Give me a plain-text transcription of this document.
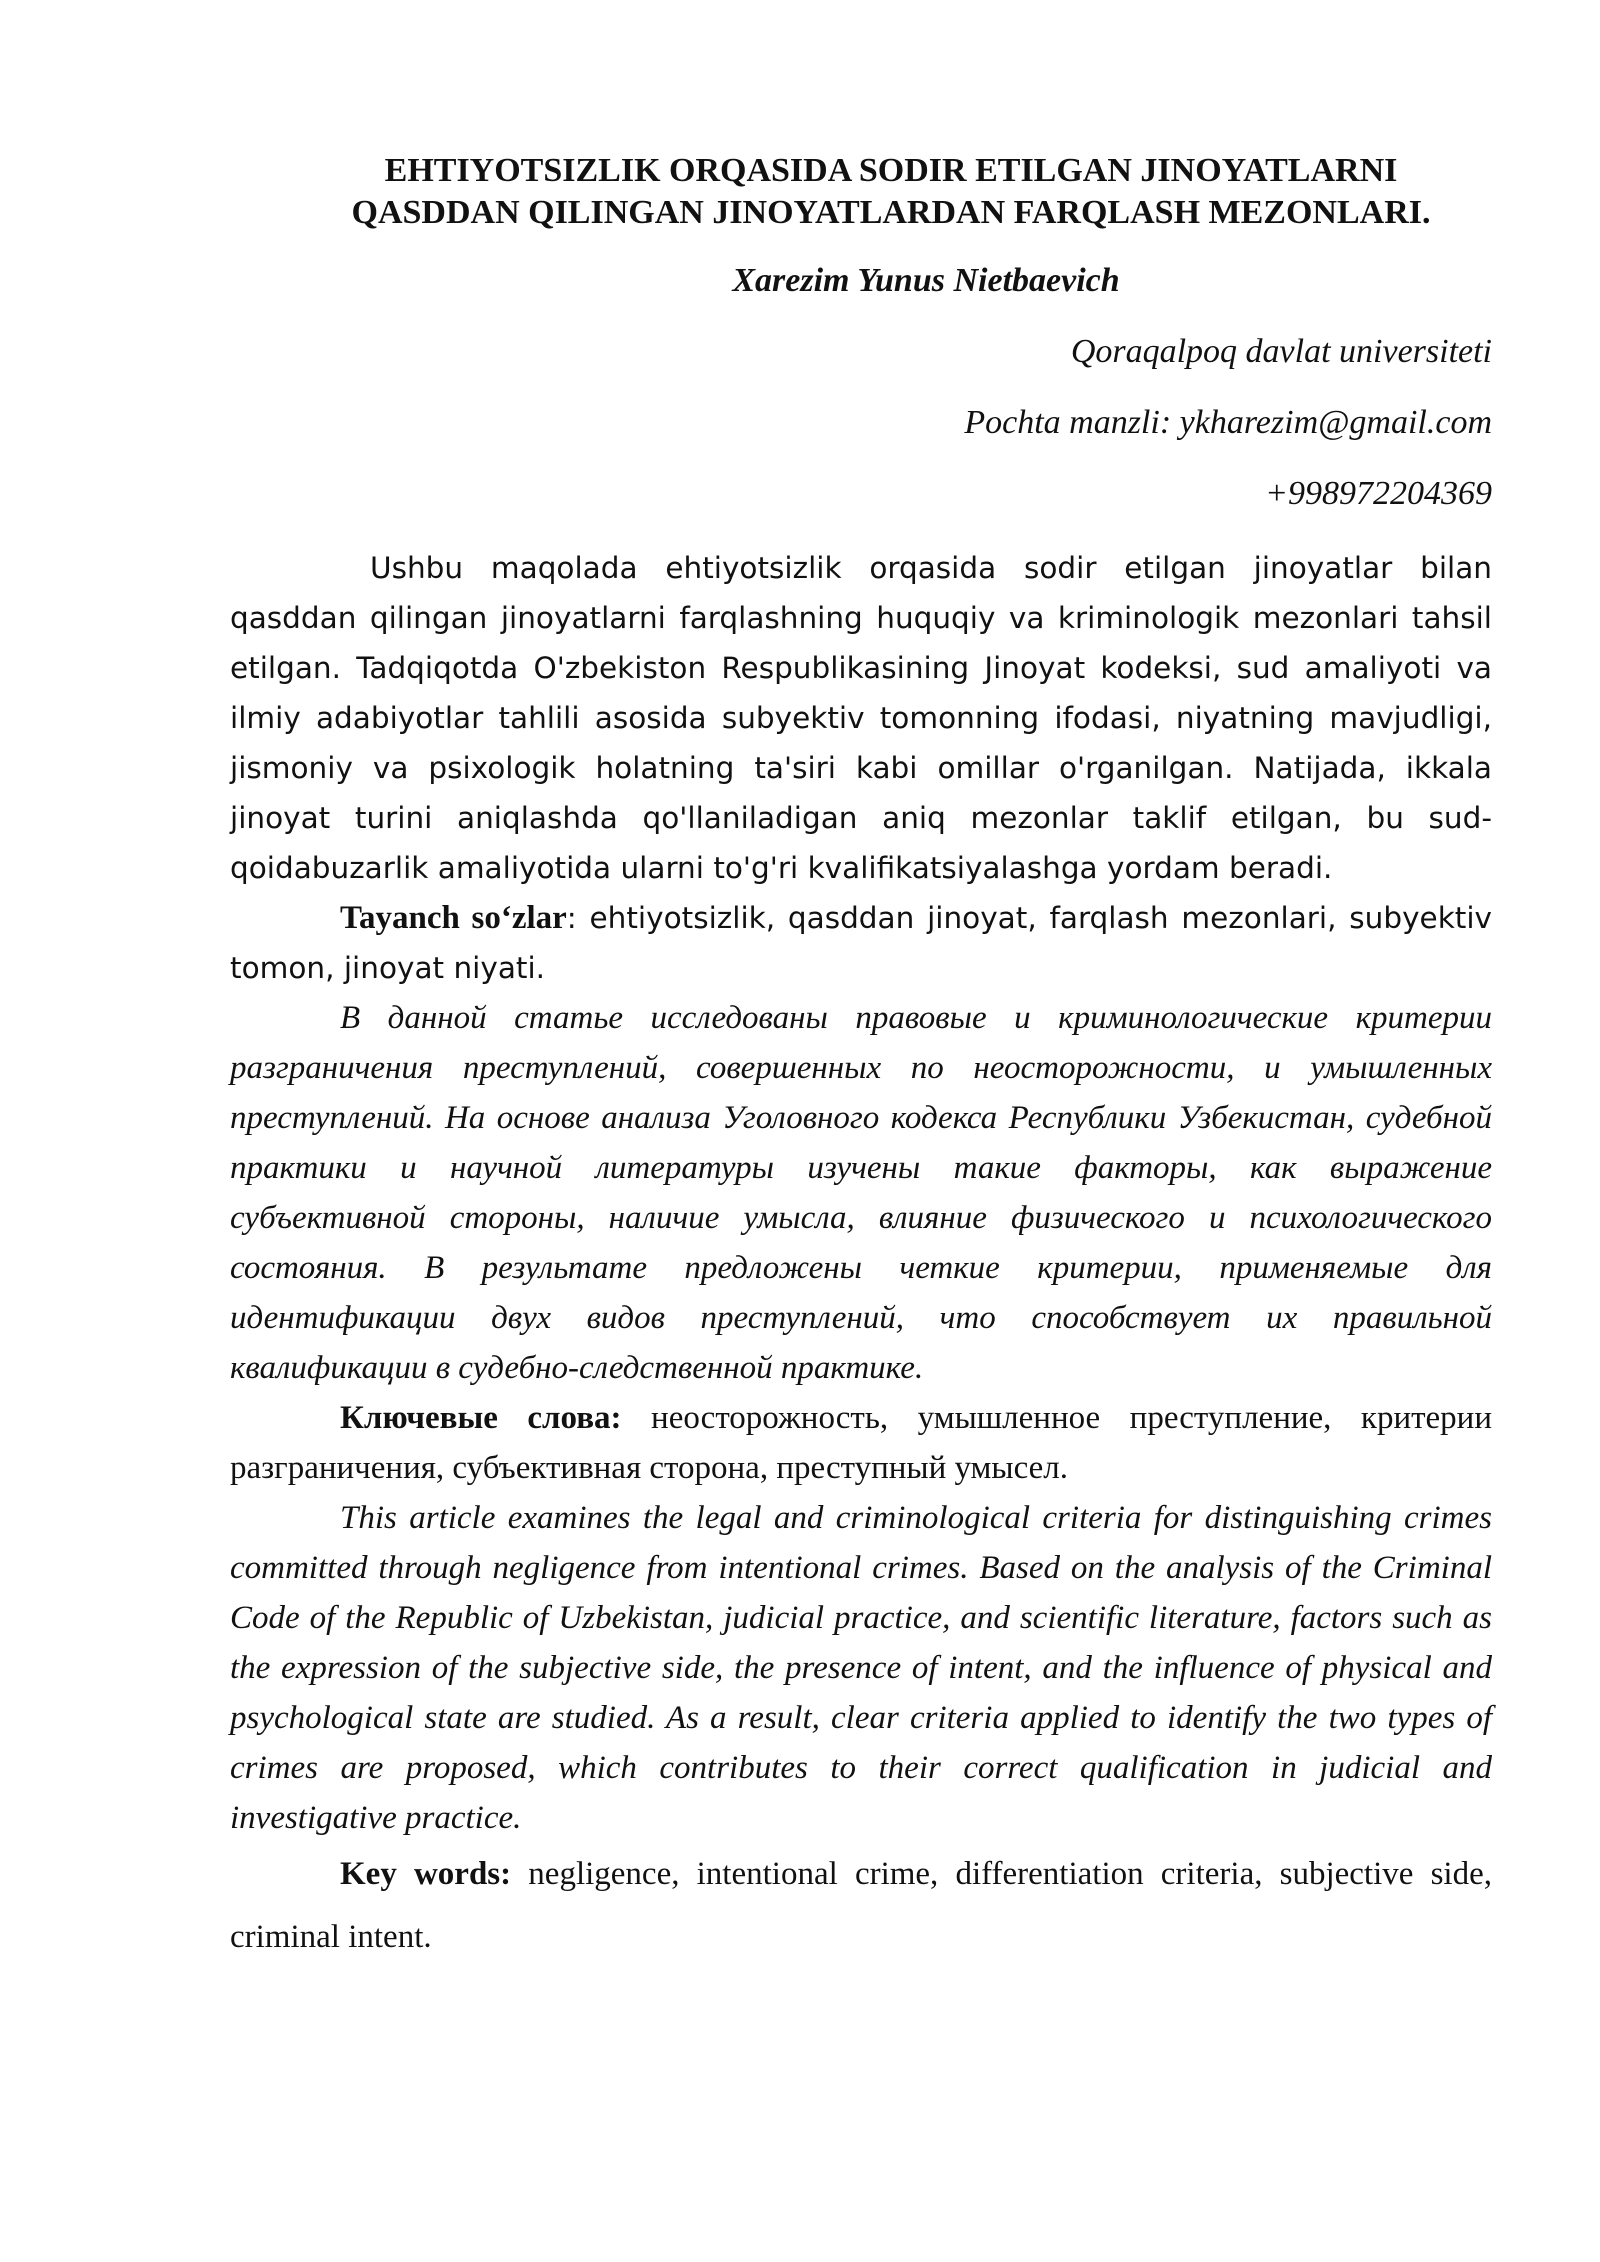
EHTIYOTSIZLIK ORQASIDA SODIR ETILGAN JINOYATLARNI
QASDDAN QILINGAN JINOYATLARDAN FARQLASH MEZONLARI.
Xarezim Yunus Nietbaevich
Qoraqalpoq davlat universiteti
Pochta manzli: ykharezim@gmail.com
+998972204369

Ushbu maqolada ehtiyotsizlik orqasida sodir etilgan jinoyatlar bilan qasddan qilingan jinoyatlarni farqlashning huquqiy va kriminologik mezonlari tahsil etilgan. Tadqiqotda O'zbekiston Respublikasining Jinoyat kodeksi, sud amaliyoti va ilmiy adabiyotlar tahlili asosida subyektiv tomonning ifodasi, niyatning mavjudligi, jismoniy va psixologik holatning ta'siri kabi omillar o'rganilgan. Natijada, ikkala jinoyat turini aniqlashda qo'llaniladigan aniq mezonlar taklif etilgan, bu sud-qoidabuzarlik amaliyotida ularni to'g'ri kvalifikatsiyalashga yordam beradi.

Tayanch so‘zlar: ehtiyotsizlik, qasddan jinoyat, farqlash mezonlari, subyektiv tomon, jinoyat niyati.

В данной статье исследованы правовые и криминологические критерии разграничения преступлений, совершенных по неосторожности, и умышленных преступлений. На основе анализа Уголовного кодекса Республики Узбекистан, судебной практики и научной литературы изучены такие факторы, как выражение субъективной стороны, наличие умысла, влияние физического и психологического состояния. В результате предложены четкие критерии, применяемые для идентификации двух видов преступлений, что способствует их правильной квалификации в судебно-следственной практике.

Ключевые слова: неосторожность, умышленное преступление, критерии разграничения, субъективная сторона, преступный умысел.

This article examines the legal and criminological criteria for distinguishing crimes committed through negligence from intentional crimes. Based on the analysis of the Criminal Code of the Republic of Uzbekistan, judicial practice, and scientific literature, factors such as the expression of the subjective side, the presence of intent, and the influence of physical and psychological state are studied. As a result, clear criteria applied to identify the two types of crimes are proposed, which contributes to their correct qualification in judicial and investigative practice.

Key words: negligence, intentional crime, differentiation criteria, subjective side, criminal intent.
